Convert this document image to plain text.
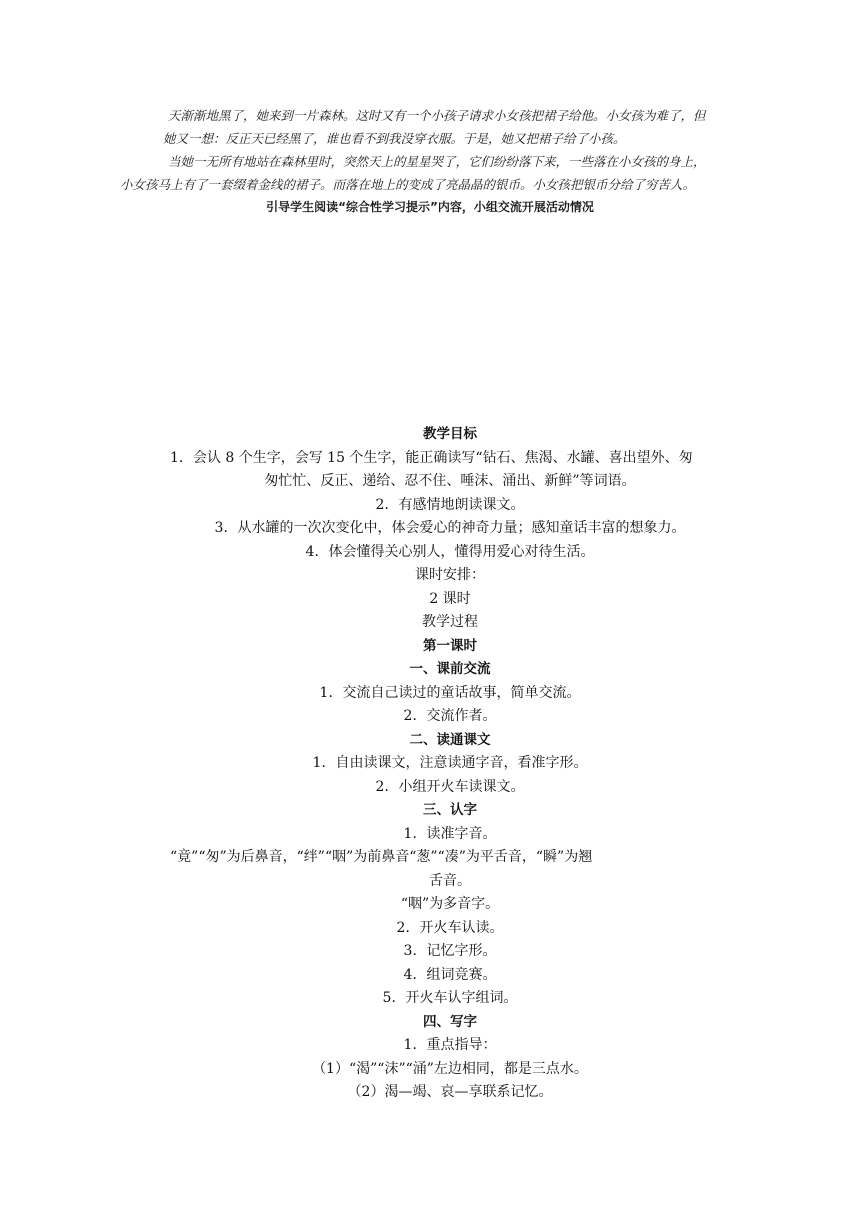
天渐渐地黑了，她来到一片森林。这时又有一个小孩子请求小女孩把裙子给他。小女孩为难了，但
她又一想：反正天已经黑了，谁也看不到我没穿衣服。于是，她又把裙子给了小孩。

当她一无所有地站在森林里时，突然天上的星星哭了，它们纷纷落下来，一些落在小女孩的身上，
小女孩马上有了一套缀着金线的裙子。而落在地上的变成了亮晶晶的银币。小女孩把银币分给了穷苦人。

引导学生阅读“综合性学习提示”内容，小组交流开展活动情况

教学目标

1．会认 8 个生字，会写 15 个生字，能正确读写“钻石、焦渴、水罐、喜出望外、匆
匆忙忙、反正、递给、忍不住、唾沫、涌出、新鲜”等词语。

2．有感情地朗读课文。

3．从水罐的一次次变化中，体会爱心的神奇力量；感知童话丰富的想象力。

4．体会懂得关心别人，懂得用爱心对待生活。

课时安排：

2 课时

教学过程

第一课时

一、课前交流

1．交流自己读过的童话故事，简单交流。

2．交流作者。

二、读通课文

1．自由读课文，注意读通字音，看准字形。

2．小组开火车读课文。

三、认字

1．读准字音。

“竟”“匆”为后鼻音，“绊”“咽”为前鼻音“葱”“凑”为平舌音，“瞬”为翘
舌音。

“咽”为多音字。

2．开火车认读。

3．记忆字形。

4．组词竞赛。

5．开火车认字组词。

四、写字

1．重点指导：

（1）“渴”“沫”“涌”左边相同，都是三点水。

（2）渴—竭、哀—享联系记忆。
